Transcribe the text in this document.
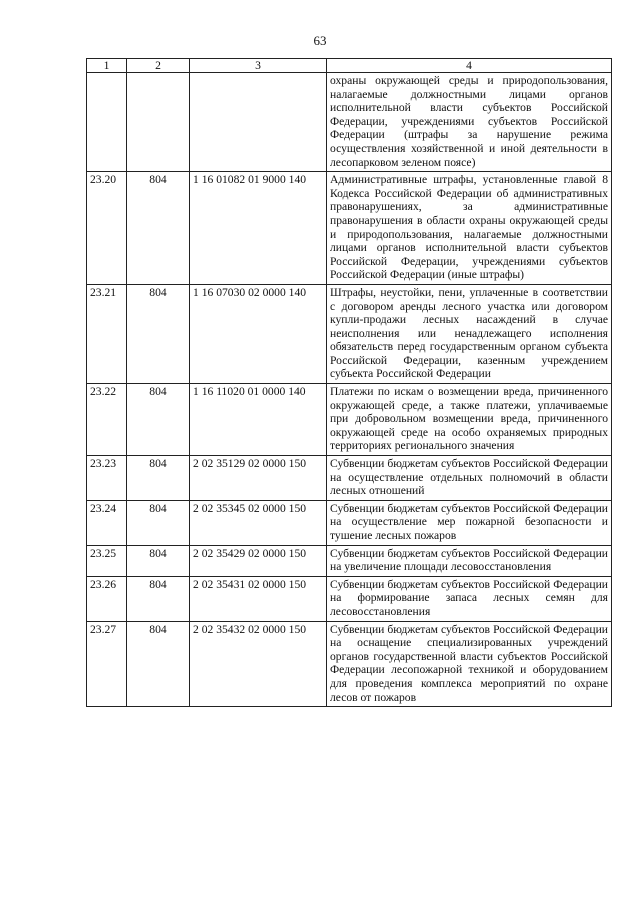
63
1	2	3	4
			охраны окружающей среды и природопользования, налагаемые должностными лицами органов исполнительной власти субъектов Российской Федерации, учреждениями субъектов Российской Федерации (штрафы за нарушение режима осуществления хозяйственной и иной деятельности в лесопарковом зеленом поясе)
23.20	804	1 16 01082 01 9000 140	Административные штрафы, установленные главой 8 Кодекса Российской Федерации об административных правонарушениях, за административные правонарушения в области охраны окружающей среды и природопользования, налагаемые должностными лицами органов исполнительной власти субъектов Российской Федерации, учреждениями субъектов Российской Федерации (иные штрафы)
23.21	804	1 16 07030 02 0000 140	Штрафы, неустойки, пени, уплаченные в соответствии с договором аренды лесного участка или договором купли-продажи лесных насаждений в случае неисполнения или ненадлежащего исполнения обязательств перед государственным органом субъекта Российской Федерации, казенным учреждением субъекта Российской Федерации
23.22	804	1 16 11020 01 0000 140	Платежи по искам о возмещении вреда, причиненного окружающей среде, а также платежи, уплачиваемые при добровольном возмещении вреда, причиненного окружающей среде на особо охраняемых природных территориях регионального значения
23.23	804	2 02 35129 02 0000 150	Субвенции бюджетам субъектов Российской Федерации на осуществление отдельных полномочий в области лесных отношений
23.24	804	2 02 35345 02 0000 150	Субвенции бюджетам субъектов Российской Федерации на осуществление мер пожарной безопасности и тушение лесных пожаров
23.25	804	2 02 35429 02 0000 150	Субвенции бюджетам субъектов Российской Федерации на увеличение площади лесовосстановления
23.26	804	2 02 35431 02 0000 150	Субвенции бюджетам субъектов Российской Федерации на формирование запаса лесных семян для лесовосстановления
23.27	804	2 02 35432 02 0000 150	Субвенции бюджетам субъектов Российской Федерации на оснащение специализированных учреждений органов государственной власти субъектов Российской Федерации лесопожарной техникой и оборудованием для проведения комплекса мероприятий по охране лесов от пожаров
